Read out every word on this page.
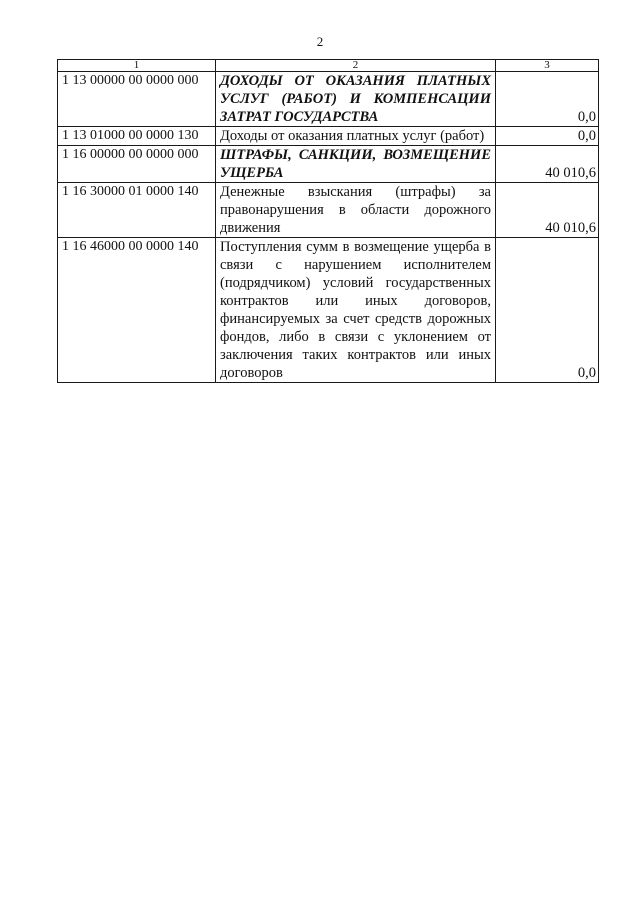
2
1	2	3
1 13 00000 00 0000 000	ДОХОДЫ ОТ ОКАЗАНИЯ ПЛАТНЫХ УСЛУГ (РАБОТ) И КОМПЕНСАЦИИ ЗАТРАТ ГОСУДАРСТВА	0,0
1 13 01000 00 0000 130	Доходы от оказания платных услуг (работ)	0,0
1 16 00000 00 0000 000	ШТРАФЫ, САНКЦИИ, ВОЗМЕЩЕНИЕ УЩЕРБА	40 010,6
1 16 30000 01 0000 140	Денежные взыскания (штрафы) за правонарушения в области дорожного движения	40 010,6
1 16 46000 00 0000 140	Поступления сумм в возмещение ущерба в связи с нарушением исполнителем (подрядчиком) условий государственных контрактов или иных договоров, финансируемых за счет средств дорожных фондов, либо в связи с уклонением от заключения таких контрактов или иных договоров	0,0
